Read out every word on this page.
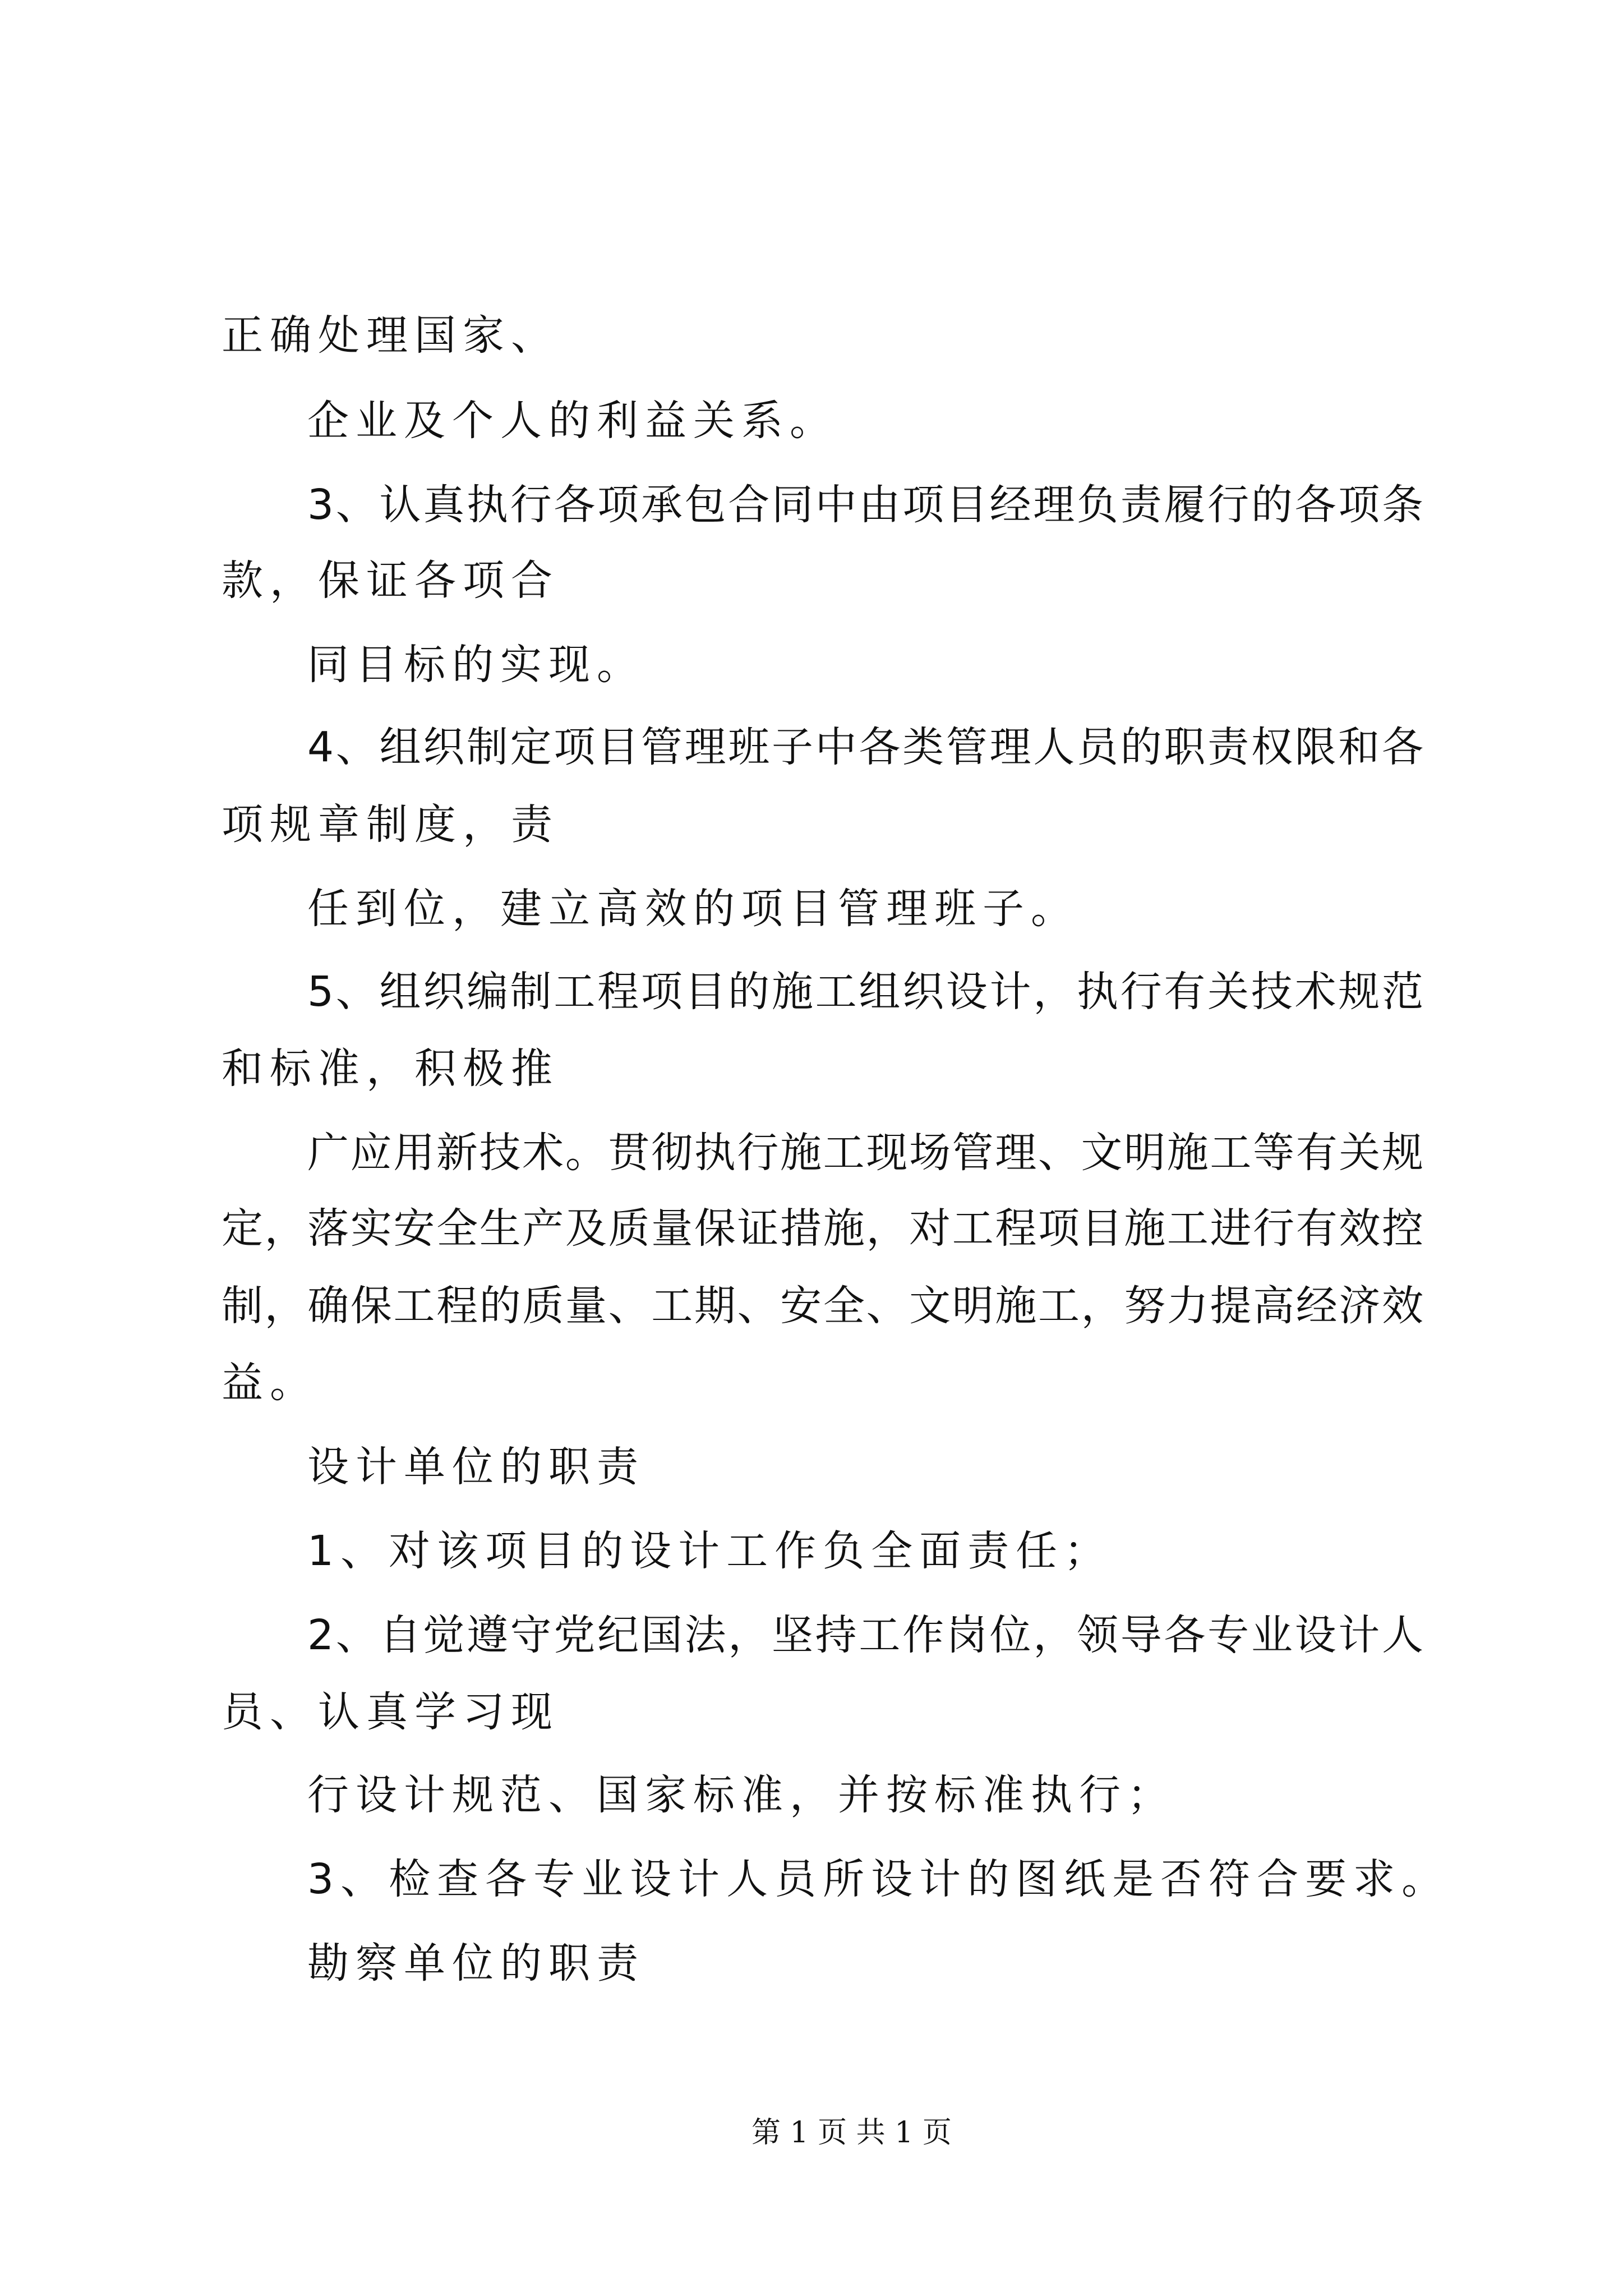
正确处理国家、
企业及个人的利益关系。
3、认真执行各项承包合同中由项目经理负责履行的各项条
款，保证各项合
同目标的实现。
4、组织制定项目管理班子中各类管理人员的职责权限和各
项规章制度，责
任到位，建立高效的项目管理班子。
5、组织编制工程项目的施工组织设计，执行有关技术规范
和标准，积极推
广应用新技术。贯彻执行施工现场管理、文明施工等有关规
定，落实安全生产及质量保证措施，对工程项目施工进行有效控
制，确保工程的质量、工期、安全、文明施工，努力提高经济效
益。
设计单位的职责
1、对该项目的设计工作负全面责任；
2、自觉遵守党纪国法，坚持工作岗位，领导各专业设计人
员、认真学习现
行设计规范、国家标准，并按标准执行；
3、检查各专业设计人员所设计的图纸是否符合要求。
勘察单位的职责
第 1 页 共 1 页
